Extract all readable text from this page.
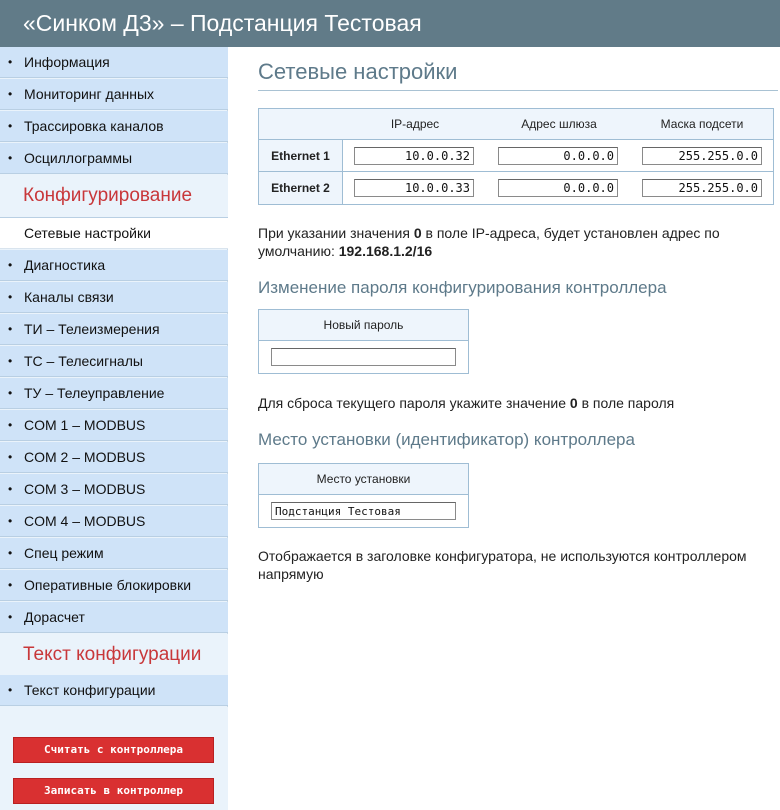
«Синком Д3» – Подстанция Тестовая
• Информация
• Мониторинг данных
• Трассировка каналов
• Осциллограммы
Конфигурирование
Сетевые настройки
• Диагностика
• Каналы связи
• ТИ – Телеизмерения
• ТС – Телесигналы
• ТУ – Телеуправление
• COM 1 – MODBUS
• COM 2 – MODBUS
• COM 3 – MODBUS
• COM 4 – MODBUS
• Спец режим
• Оперативные блокировки
• Дорасчет
Текст конфигурации
• Текст конфигурации
Считать с контроллера
Записать в контроллер
Сетевые настройки
IP-адрес	Адрес шлюза	Маска подсети
Ethernet 1
10.0.0.32
0.0.0.0
255.255.0.0
Ethernet 2
10.0.0.33
0.0.0.0
255.255.0.0
При указании значения 0 в поле IP-адреса, будет установлен адрес по умолчанию: 192.168.1.2/16
Изменение пароля конфигурирования контроллера
Новый пароль
Для сброса текущего пароля укажите значение 0 в поле пароля
Место установки (идентификатор) контроллера
Место установки
Подстанция Тестовая
Отображается в заголовке конфигуратора, не используются контроллером напрямую
